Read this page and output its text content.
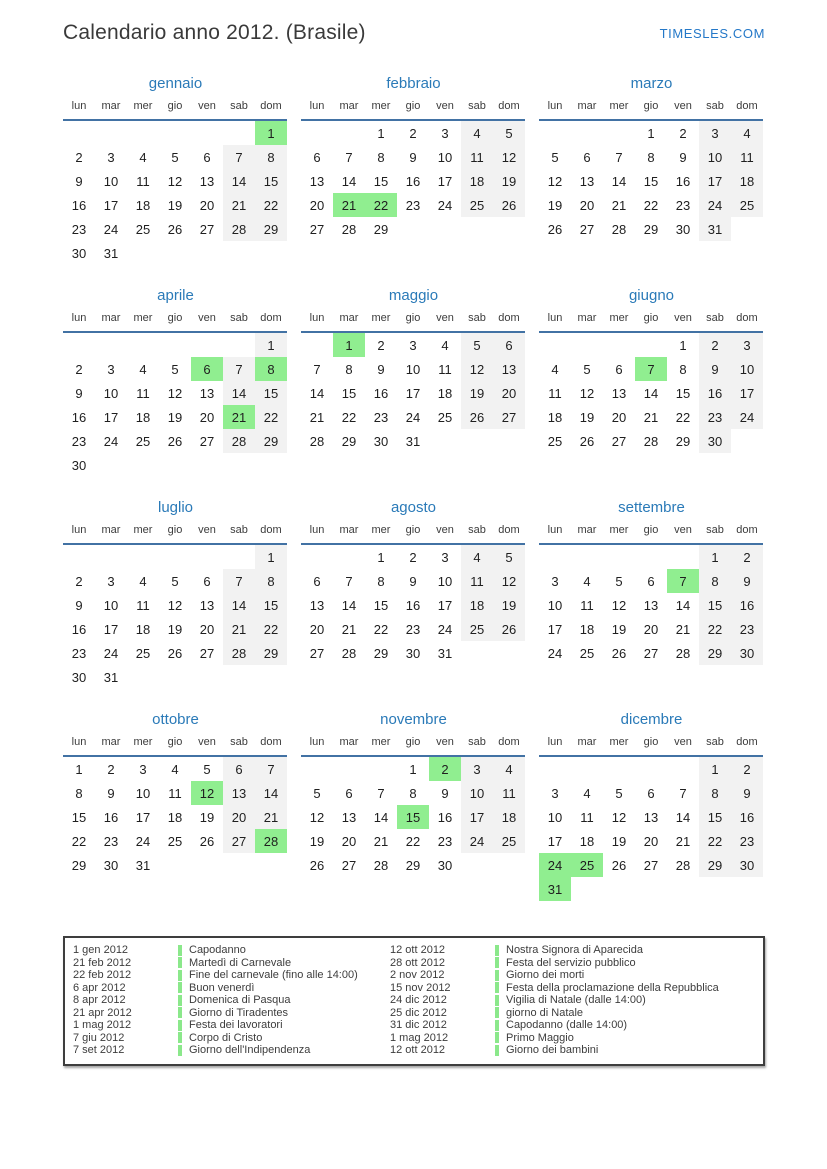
Calendario anno 2012. (Brasile)	TIMESLES.COM
gennaio
lun	mar	mer	gio	ven	sab	dom
						1
2	3	4	5	6	7	8
9	10	11	12	13	14	15
16	17	18	19	20	21	22
23	24	25	26	27	28	29
30	31					
febbraio
lun	mar	mer	gio	ven	sab	dom
		1	2	3	4	5
6	7	8	9	10	11	12
13	14	15	16	17	18	19
20	21	22	23	24	25	26
27	28	29				
marzo
lun	mar	mer	gio	ven	sab	dom
			1	2	3	4
5	6	7	8	9	10	11
12	13	14	15	16	17	18
19	20	21	22	23	24	25
26	27	28	29	30	31	
aprile
lun	mar	mer	gio	ven	sab	dom
						1
2	3	4	5	6	7	8
9	10	11	12	13	14	15
16	17	18	19	20	21	22
23	24	25	26	27	28	29
30						
maggio
lun	mar	mer	gio	ven	sab	dom
	1	2	3	4	5	6
7	8	9	10	11	12	13
14	15	16	17	18	19	20
21	22	23	24	25	26	27
28	29	30	31			
giugno
lun	mar	mer	gio	ven	sab	dom
				1	2	3
4	5	6	7	8	9	10
11	12	13	14	15	16	17
18	19	20	21	22	23	24
25	26	27	28	29	30	
luglio
lun	mar	mer	gio	ven	sab	dom
						1
2	3	4	5	6	7	8
9	10	11	12	13	14	15
16	17	18	19	20	21	22
23	24	25	26	27	28	29
30	31					
agosto
lun	mar	mer	gio	ven	sab	dom
		1	2	3	4	5
6	7	8	9	10	11	12
13	14	15	16	17	18	19
20	21	22	23	24	25	26
27	28	29	30	31		
settembre
lun	mar	mer	gio	ven	sab	dom
					1	2
3	4	5	6	7	8	9
10	11	12	13	14	15	16
17	18	19	20	21	22	23
24	25	26	27	28	29	30
ottobre
lun	mar	mer	gio	ven	sab	dom
1	2	3	4	5	6	7
8	9	10	11	12	13	14
15	16	17	18	19	20	21
22	23	24	25	26	27	28
29	30	31				
novembre
lun	mar	mer	gio	ven	sab	dom
			1	2	3	4
5	6	7	8	9	10	11
12	13	14	15	16	17	18
19	20	21	22	23	24	25
26	27	28	29	30		
dicembre
lun	mar	mer	gio	ven	sab	dom
					1	2
3	4	5	6	7	8	9
10	11	12	13	14	15	16
17	18	19	20	21	22	23
24	25	26	27	28	29	30
31						
1 gen 2012	Capodanno
21 feb 2012	Martedì di Carnevale
22 feb 2012	Fine del carnevale (fino alle 14:00)
6 apr 2012	Buon venerdì
8 apr 2012	Domenica di Pasqua
21 apr 2012	Giorno di Tiradentes
1 mag 2012	Festa dei lavoratori
7 giu 2012	Corpo di Cristo
7 set 2012	Giorno dell'Indipendenza
12 ott 2012	Nostra Signora di Aparecida
28 ott 2012	Festa del servizio pubblico
2 nov 2012	Giorno dei morti
15 nov 2012	Festa della proclamazione della Repubblica
24 dic 2012	Vigilia di Natale (dalle 14:00)
25 dic 2012	giorno di Natale
31 dic 2012	Capodanno (dalle 14:00)
1 mag 2012	Primo Maggio
12 ott 2012	Giorno dei bambini
